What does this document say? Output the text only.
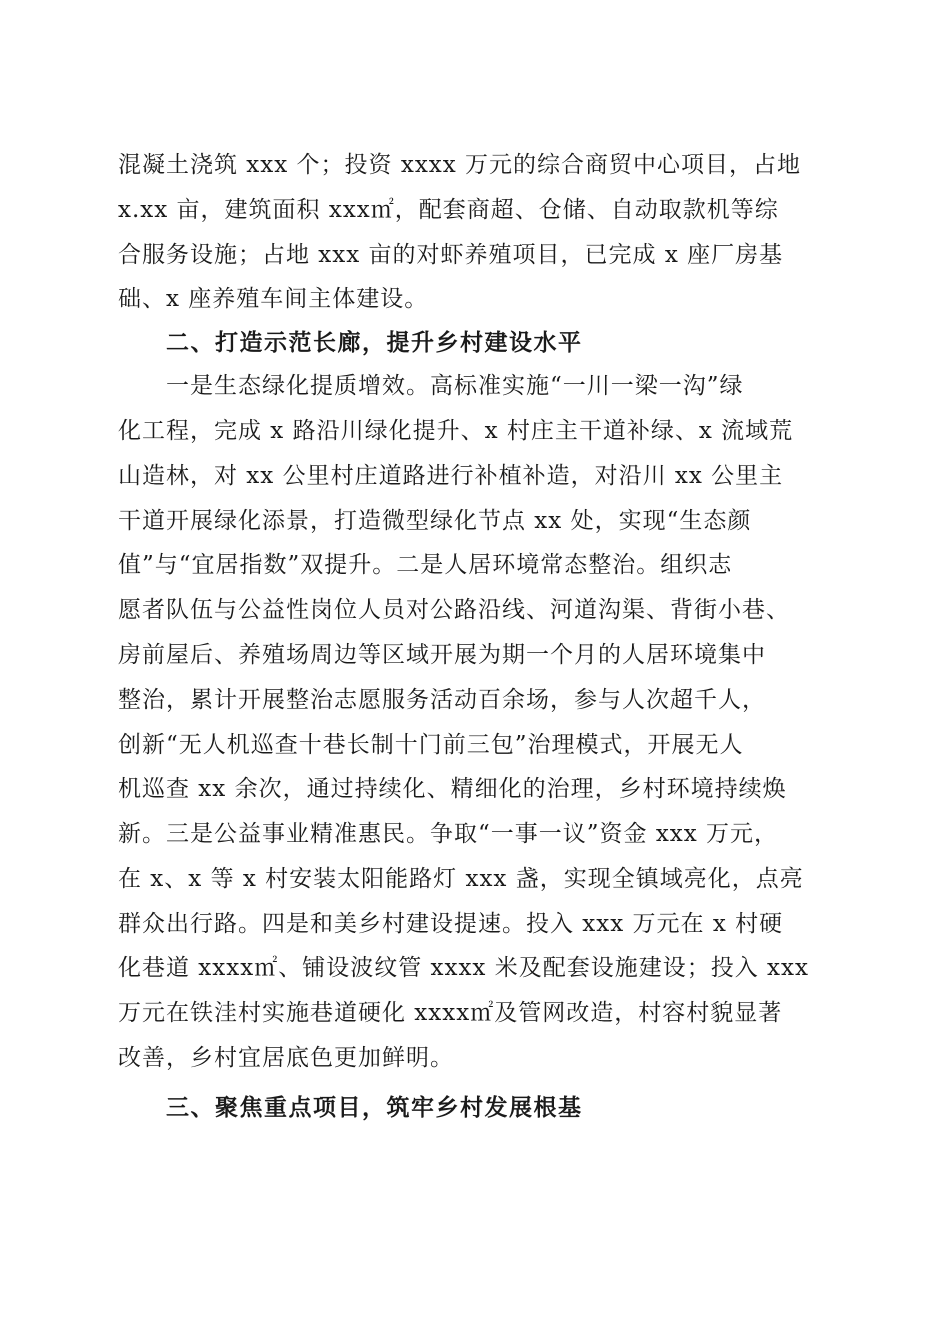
混凝土浇筑 xxx 个；投资 xxxx 万元的综合商贸中心项目，占地
x.xx 亩，建筑面积 xxx㎡，配套商超、仓储、自动取款机等综
合服务设施；占地 xxx 亩的对虾养殖项目，已完成 x 座厂房基
础、x 座养殖车间主体建设。
二、打造示范长廊，提升乡村建设水平
一是生态绿化提质增效。高标准实施“一川一梁一沟”绿
化工程，完成 x 路沿川绿化提升、x 村庄主干道补绿、x 流域荒
山造林，对 xx 公里村庄道路进行补植补造，对沿川 xx 公里主
干道开展绿化添景，打造微型绿化节点 xx 处，实现“生态颜
值”与“宜居指数”双提升。二是人居环境常态整治。组织志
愿者队伍与公益性岗位人员对公路沿线、河道沟渠、背街小巷、
房前屋后、养殖场周边等区域开展为期一个月的人居环境集中
整治，累计开展整治志愿服务活动百余场，参与人次超千人，
创新“无人机巡查十巷长制十门前三包”治理模式，开展无人
机巡查 xx 余次，通过持续化、精细化的治理，乡村环境持续焕
新。三是公益事业精准惠民。争取“一事一议”资金 xxx 万元，
在 x、x 等 x 村安装太阳能路灯 xxx 盏，实现全镇域亮化，点亮
群众出行路。四是和美乡村建设提速。投入 xxx 万元在 x 村硬
化巷道 xxxx㎡、铺设波纹管 xxxx 米及配套设施建设；投入 xxx
万元在铁洼村实施巷道硬化 xxxx㎡及管网改造，村容村貌显著
改善，乡村宜居底色更加鲜明。
三、聚焦重点项目，筑牢乡村发展根基
